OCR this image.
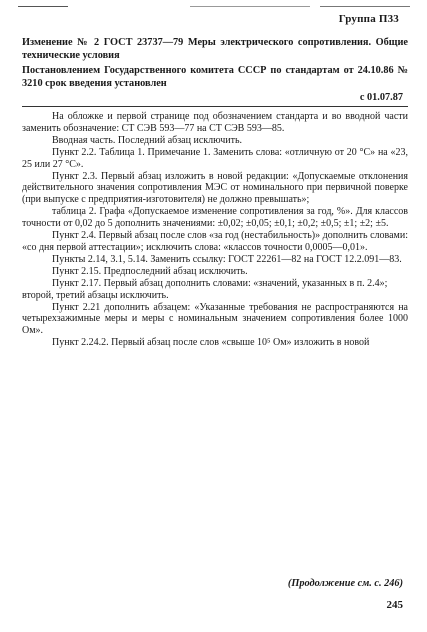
Группа П33
Изменение № 2 ГОСТ 23737—79 Меры электрического сопротивления. Общие технические условия
Постановлением Государственного комитета СССР по стандартам от 24.10.86 № 3210 срок введения установлен
с 01.07.87

На обложке и первой странице под обозначением стандарта и во вводной части заменить обозначение: СТ СЭВ 593—77 на СТ СЭВ 593—85.

Вводная часть. Последний абзац исключить.

Пункт 2.2. Таблица 1. Примечание 1. Заменить слова: «отличную от 20 °С» на «23, 25 или 27 °С».

Пункт 2.3. Первый абзац изложить в новой редакции: «Допускаемые отклонения действительного значения сопротивления МЭС от номинального при первичной поверке (при выпуске с предприятия-изготовителя) не должно превышать»;

таблица 2. Графа «Допускаемое изменение сопротивления за год, %». Для классов точности от 0,02 до 5 дополнить значениями: ±0,02; ±0,05; ±0,1; ±0,2; ±0,5; ±1; ±2; ±5.

Пункт 2.4. Первый абзац после слов «за год (нестабильность)» дополнить словами: «со дня первой аттестации»; исключить слова: «классов точности 0,0005—0,01».

Пункты 2.14, 3.1, 5.14. Заменить ссылку: ГОСТ 22261—82 на ГОСТ 12.2.091—83.

Пункт 2.15. Предпоследний абзац исключить.

Пункт 2.17. Первый абзац дополнить словами: «значений, указанных в п. 2.4»;

второй, третий абзацы исключить.

Пункт 2.21 дополнить абзацем: «Указанные требования не распространяются на четырехзажимные меры и меры с номинальным значением сопротивления более 1000 Ом».

Пункт 2.24.2. Первый абзац после слов «свыше 10⁵ Ом» изложить в новой

(Продолжение см. с. 246)
245
